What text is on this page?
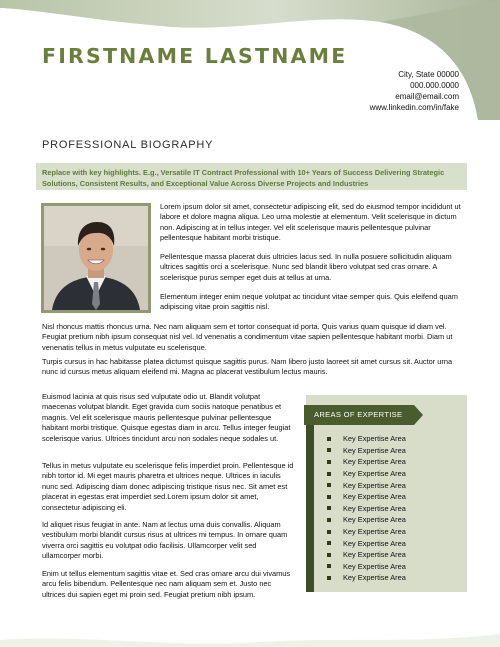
FIRSTNAME LASTNAME
City, State 00000
000.000.0000
email@email.com
www.linkedin.com/in/fake
PROFESSIONAL BIOGRAPHY
Replace with key highlights. E.g., Versatile IT Contract Professional with 10+ Years of Success Delivering Strategic Solutions, Consistent Results, and Exceptional Value Across Diverse Projects and Industries
Lorem ipsum dolor sit amet, consectetur adipiscing elit, sed do eiusmod tempor incididunt ut labore et dolore magna aliqua. Leo urna molestie at elementum. Velit scelerisque in dictum non. Adipiscing at in tellus integer. Vel elit scelerisque mauris pellentesque pulvinar pellentesque habitant morbi tristique.
Pellentesque massa placerat duis ultricies lacus sed. In nulla posuere sollicitudin aliquam ultrices sagittis orci a scelerisque. Nunc sed blandit libero volutpat sed cras ornare. A scelerisque purus semper eget duis at tellus at urna.
Elementum integer enim neque volutpat ac tincidunt vitae semper quis. Quis eleifend quam adipiscing vitae proin sagittis nisl.
Nisl rhoncus mattis rhoncus urna. Nec nam aliquam sem et tortor consequat id porta. Quis varius quam quisque id diam vel. Feugiat pretium nibh ipsum consequat nisl vel. Id venenatis a condimentum vitae sapien pellentesque habitant morbi. Diam ut venenatis tellus in metus vulputate eu scelerisque.
Turpis cursus in hac habitasse platea dictumst quisque sagittis purus. Nam libero justo laoreet sit amet cursus sit. Auctor urna nunc id cursus metus aliquam eleifend mi. Magna ac placerat vestibulum lectus mauris.
Euismod lacinia at quis risus sed vulputate odio ut. Blandit volutpat maecenas volutpat blandit. Eget gravida cum sociis natoque penatibus et magnis. Vel elit scelerisque mauris pellentesque pulvinar pellentesque habitant morbi tristique. Quisque egestas diam in arcu. Tellus integer feugiat scelerisque varius. Ultrices tincidunt arcu non sodales neque sodales ut.
Tellus in metus vulputate eu scelerisque felis imperdiet proin. Pellentesque id nibh tortor id. Mi eget mauris pharetra et ultrices neque. Ultrices in iaculis nunc sed. Adipiscing diam donec adipiscing tristique risus nec. Sit amet est placerat in egestas erat imperdiet sed.Lorem ipsum dolor sit amet, consectetur adipiscing eli.
Id aliquet risus feugiat in ante. Nam at lectus urna duis convallis. Aliquam vestibulum morbi blandit cursus risus at ultrices mi tempus. In ornare quam viverra orci sagittis eu volutpat odio facilisis. Ullamcorper velit sed ullamcorper morbi.
Enim ut tellus elementum sagittis vitae et. Sed cras ornare arcu dui vivamus arcu felis bibendum. Pellentesque nec nam aliquam sem et. Justo nec ultrices dui sapien eget mi proin sed. Feugiat pretium nibh ipsum.
AREAS OF EXPERTISE
Key Expertise Area
Key Expertise Area
Key Expertise Area
Key Expertise Area
Key Expertise Area
Key Expertise Area
Key Expertise Area
Key Expertise Area
Key Expertise Area
Key Expertise Area
Key Expertise Area
Key Expertise Area
Key Expertise Area
